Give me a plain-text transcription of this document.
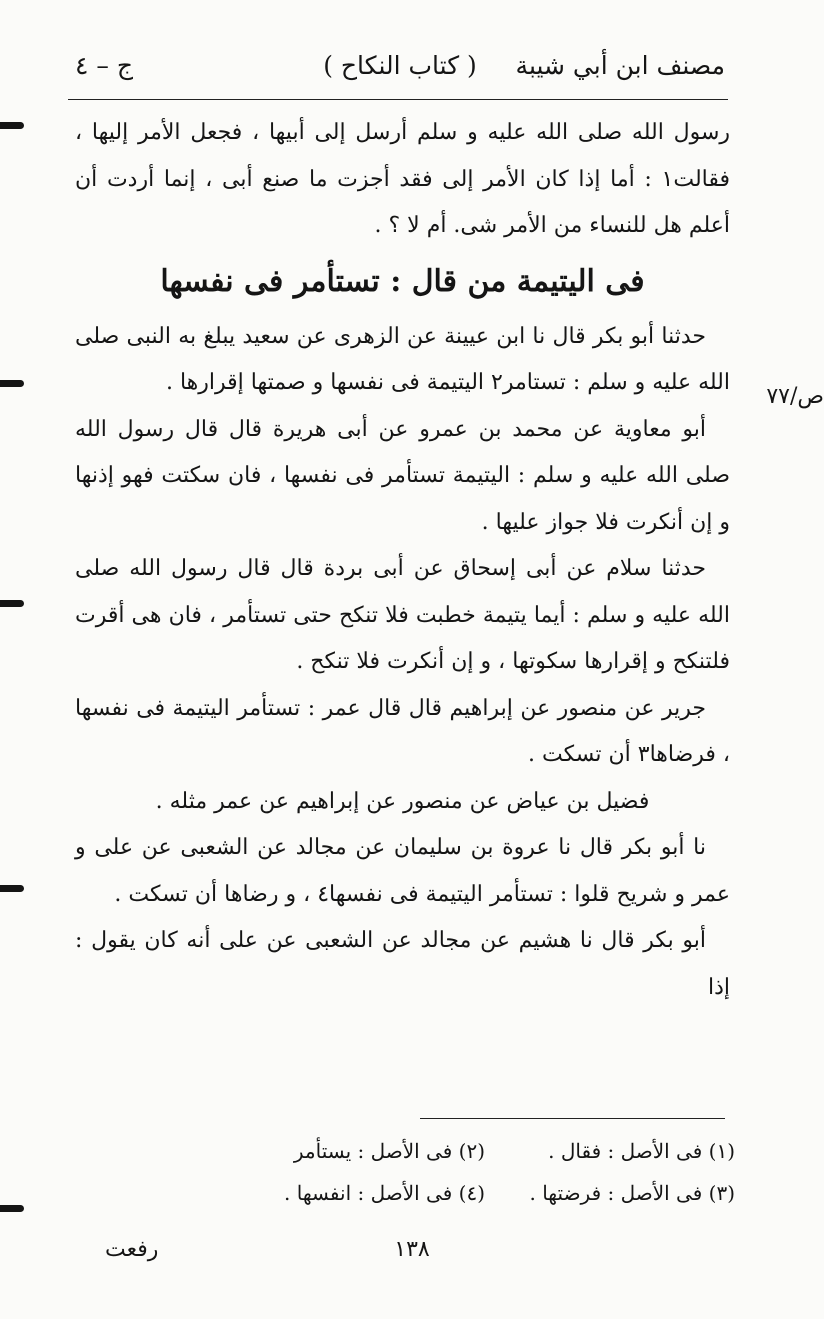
مصنف ابن أبي شيبة
( كتاب النكاح )
ج – ٤
ص/٧٧

رسول الله صلى الله عليه و سلم أرسل إلى أبيها ، فجعل الأمر إليها ، فقالت١ : أما إذا كان الأمر إلى فقد أجزت ما صنع أبى ، إنما أردت أن أعلم هل للنساء من الأمر شى. أم لا ؟ .

فى اليتيمة من قال : تستأمر فى نفسها

حدثنا أبو بكر قال نا ابن عيينة عن الزهرى عن سعيد يبلغ به النبى صلى الله عليه و سلم : تستامر٢ اليتيمة فى نفسها و صمتها إقرارها .

أبو معاوية عن محمد بن عمرو عن أبى هريرة قال قال رسول الله صلى الله عليه و سلم : اليتيمة تستأمر فى نفسها ، فان سكتت فهو إذنها و إن أنكرت فلا جواز عليها .

حدثنا سلام عن أبى إسحاق عن أبى بردة قال قال رسول الله صلى الله عليه و سلم : أيما يتيمة خطبت فلا تنكح حتى تستأمر ، فان هى أقرت فلتنكح و إقرارها سكوتها ، و إن أنكرت فلا تنكح .

جرير عن منصور عن إبراهيم قال قال عمر : تستأمر اليتيمة فى نفسها ، فرضاها٣ أن تسكت .

فضيل بن عياض عن منصور عن إبراهيم عن عمر مثله .

نا أبو بكر قال نا عروة بن سليمان عن مجالد عن الشعبى عن على و عمر و شريح قلوا : تستأمر اليتيمة فى نفسها٤ ، و رضاها أن تسكت .

أبو بكر قال نا هشيم عن مجالد عن الشعبى عن على أنه كان يقول : إذا

(١) فى الأصل : فقال .
(٢) فى الأصل : يستأمر
(٣) فى الأصل : فرضتها .
(٤) فى الأصل : انفسها .
١٣٨
رفعت
